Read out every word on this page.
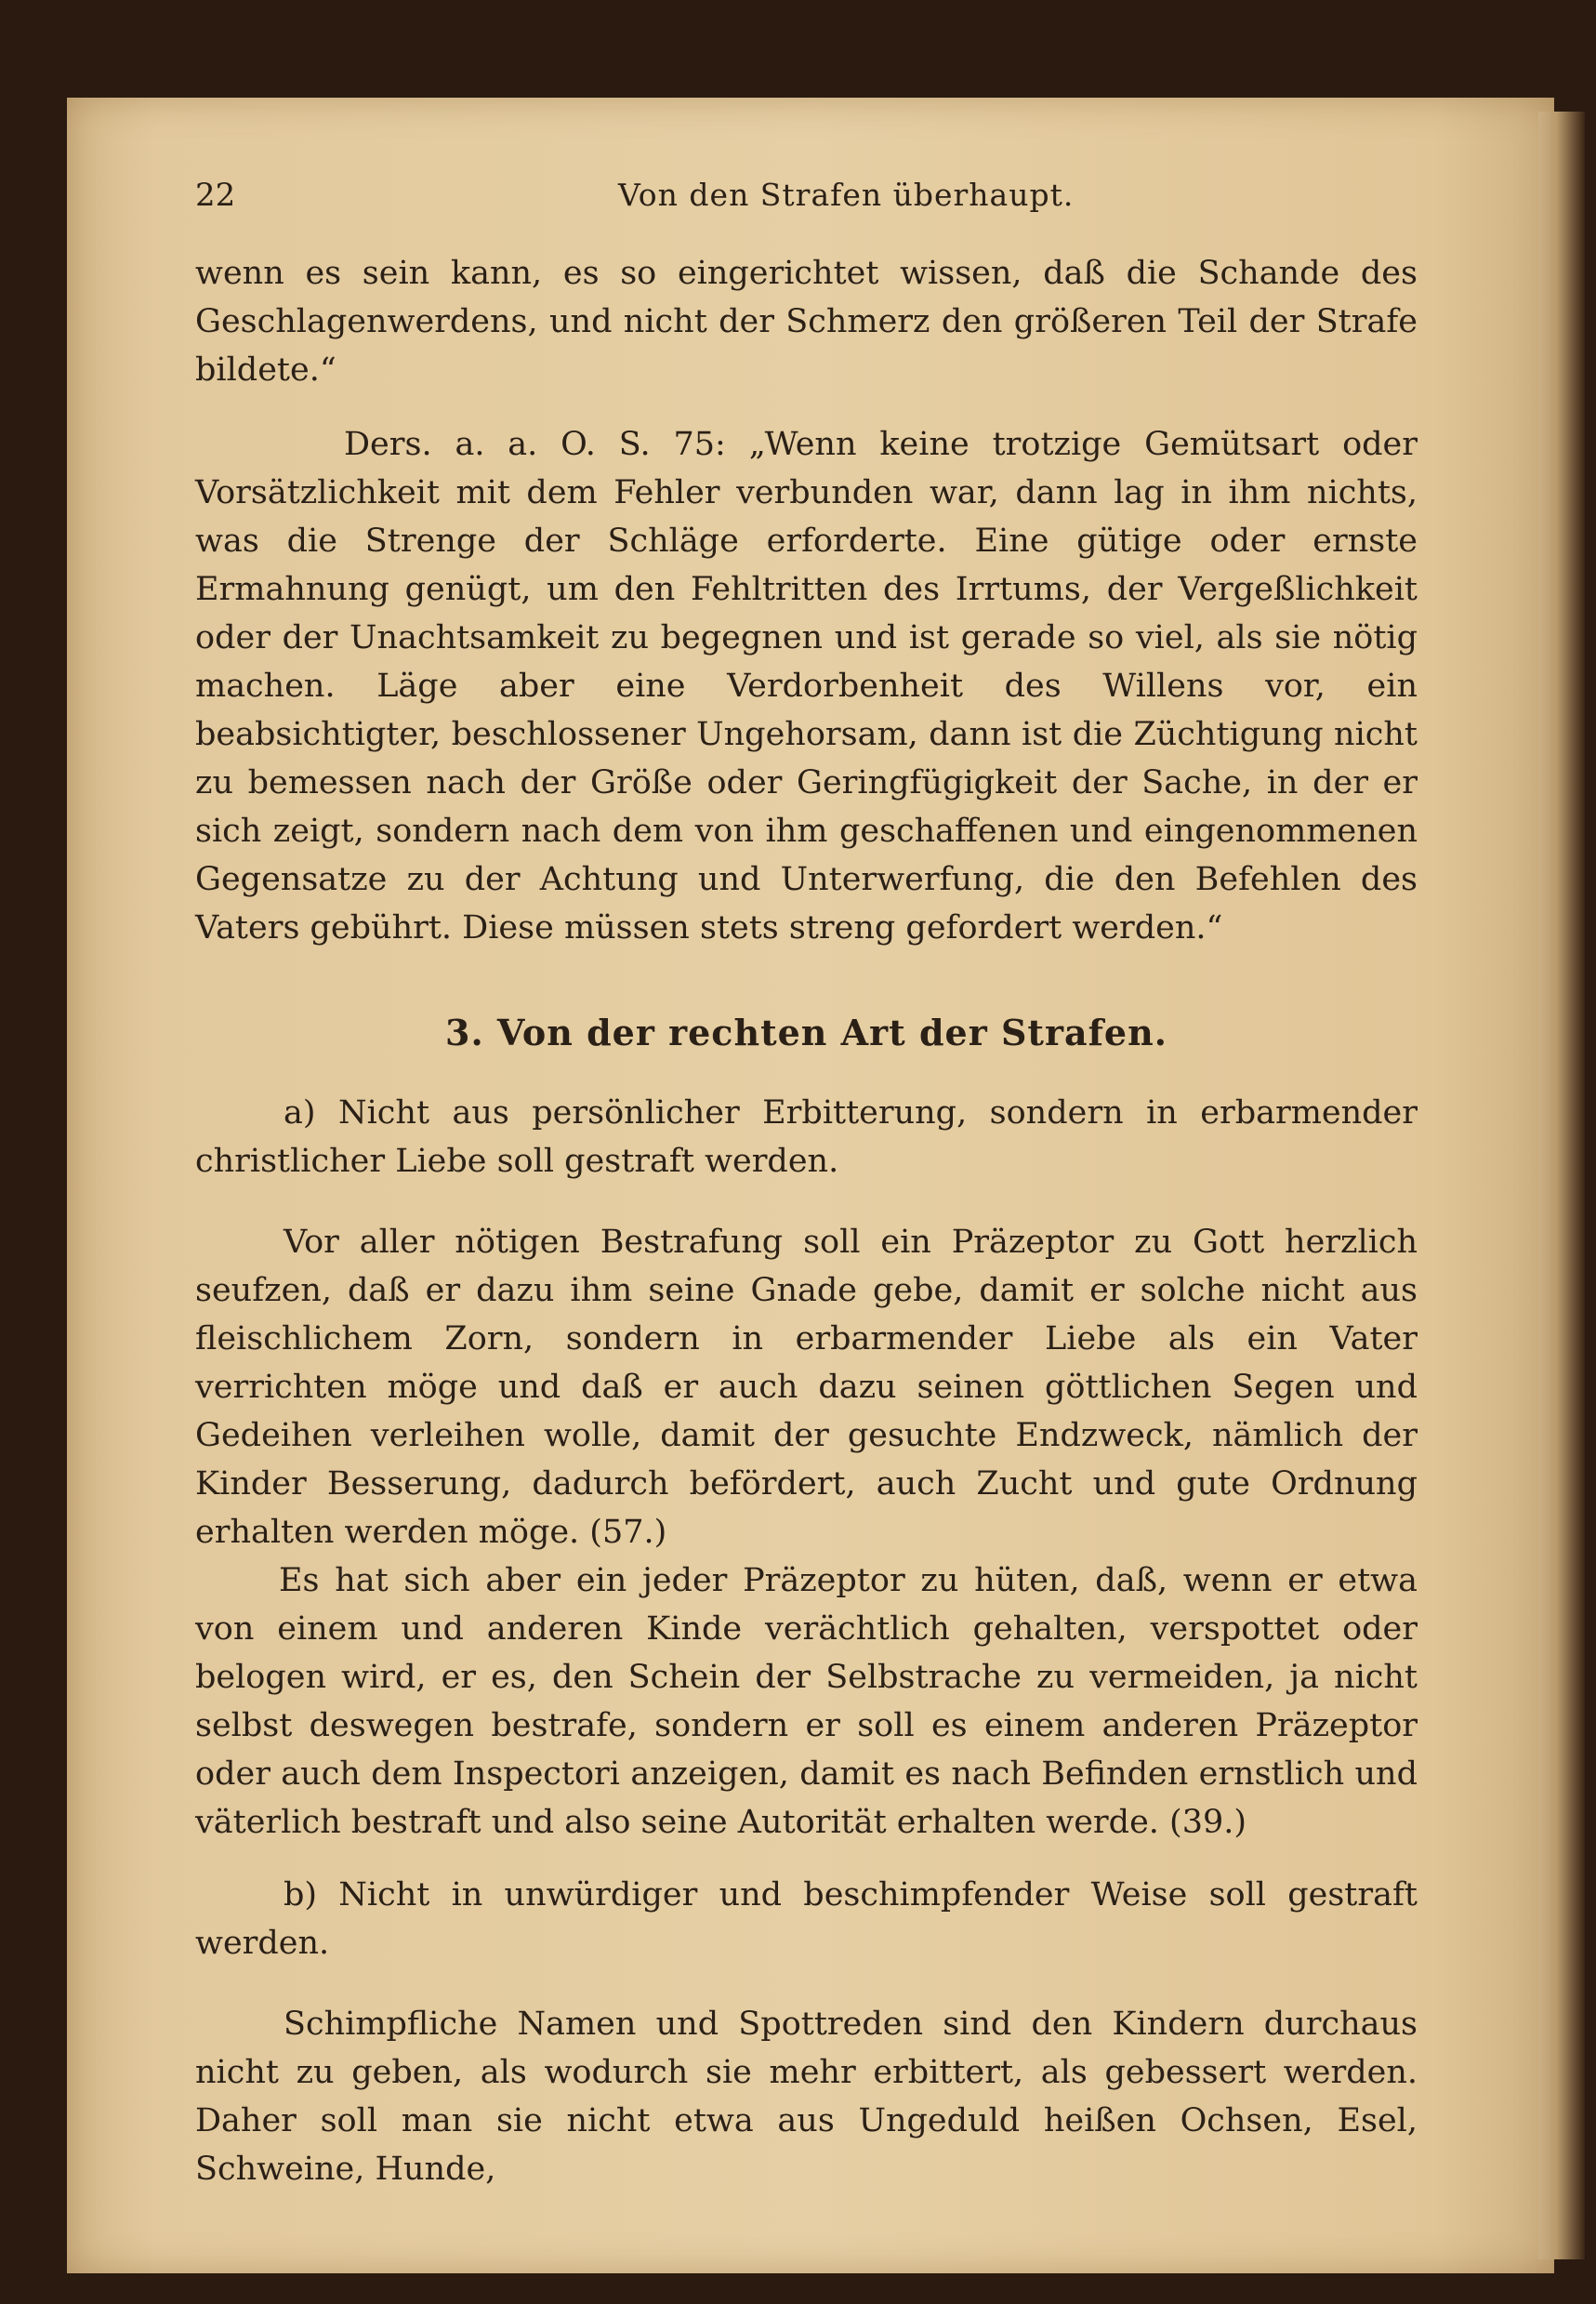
22	Von den Strafen überhaupt.

wenn es sein kann, es so eingerichtet wissen, daß die Schande des Geschlagenwerdens, und nicht der Schmerz den größeren Teil der Strafe bildete.“

Ders. a. a. O. S. 75: „Wenn keine trotzige Gemütsart oder Vorsätzlichkeit mit dem Fehler verbunden war, dann lag in ihm nichts, was die Strenge der Schläge erforderte. Eine gütige oder ernste Ermahnung genügt, um den Fehltritten des Irrtums, der Vergeßlichkeit oder der Unachtsamkeit zu begegnen und ist gerade so viel, als sie nötig machen. Läge aber eine Verdorbenheit des Willens vor, ein beabsichtigter, beschlossener Ungehorsam, dann ist die Züchtigung nicht zu bemessen nach der Größe oder Geringfügigkeit der Sache, in der er sich zeigt, sondern nach dem von ihm geschaffenen und eingenommenen Gegensatze zu der Achtung und Unterwerfung, die den Befehlen des Vaters gebührt. Diese müssen stets streng gefordert werden.“

3. Von der rechten Art der Strafen.

a) Nicht aus persönlicher Erbitterung, sondern in erbarmender christlicher Liebe soll gestraft werden.

Vor aller nötigen Bestrafung soll ein Präzeptor zu Gott herzlich seufzen, daß er dazu ihm seine Gnade gebe, damit er solche nicht aus fleischlichem Zorn, sondern in erbarmender Liebe als ein Vater verrichten möge und daß er auch dazu seinen göttlichen Segen und Gedeihen verleihen wolle, damit der gesuchte Endzweck, nämlich der Kinder Besserung, dadurch befördert, auch Zucht und gute Ordnung erhalten werden möge. (57.)

Es hat sich aber ein jeder Präzeptor zu hüten, daß, wenn er etwa von einem und anderen Kinde verächtlich gehalten, verspottet oder belogen wird, er es, den Schein der Selbstrache zu vermeiden, ja nicht selbst deswegen bestrafe, sondern er soll es einem anderen Präzeptor oder auch dem Inspectori anzeigen, damit es nach Befinden ernstlich und väterlich bestraft und also seine Autorität erhalten werde. (39.)

b) Nicht in unwürdiger und beschimpfender Weise soll gestraft werden.

Schimpfliche Namen und Spottreden sind den Kindern durchaus nicht zu geben, als wodurch sie mehr erbittert, als gebessert werden. Daher soll man sie nicht etwa aus Ungeduld heißen Ochsen, Esel, Schweine, Hunde,
